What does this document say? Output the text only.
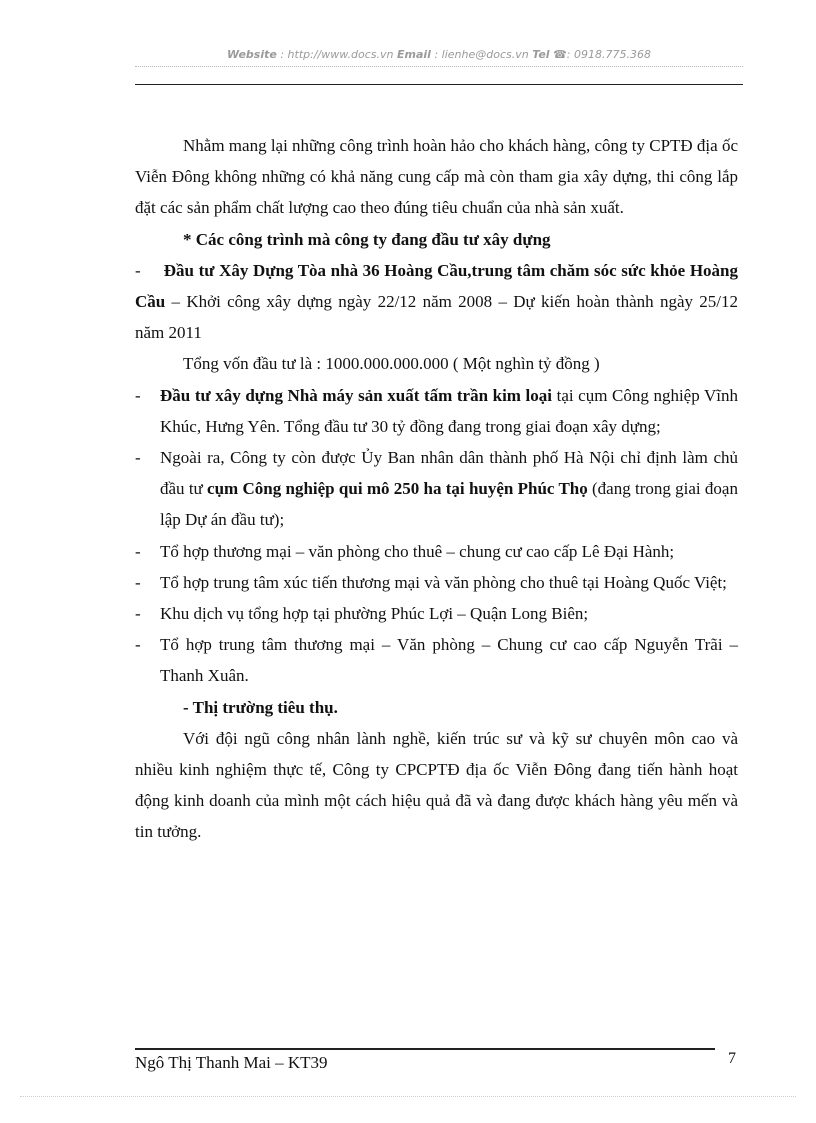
Website : http://www.docs.vn Email : lienhe@docs.vn Tel ☎: 0918.775.368

Nhằm mang lại những công trình hoàn hảo cho khách hàng, công ty CPTĐ địa ốc Viễn Đông không những có khả năng cung cấp mà còn tham gia xây dựng, thi công lắp đặt các sản phẩm chất lượng cao theo đúng tiêu chuẩn của nhà sản xuất.

* Các công trình mà công ty đang đầu tư xây dựng

- Đầu tư Xây Dựng Tòa nhà 36 Hoàng Cầu,trung tâm chăm sóc sức khỏe Hoàng Cầu – Khởi công xây dựng ngày 22/12 năm 2008 – Dự kiến hoàn thành ngày 25/12 năm 2011

Tổng vốn đầu tư là : 1000.000.000.000 ( Một nghìn tỷ đồng )

- Đầu tư xây dựng Nhà máy sản xuất tấm trần kim loại tại cụm Công nghiệp Vĩnh Khúc, Hưng Yên. Tổng đầu tư 30 tỷ đồng đang trong giai đoạn xây dựng;
- Ngoài ra, Công ty còn được Ủy Ban nhân dân thành phố Hà Nội chỉ định làm chủ đầu tư cụm Công nghiệp qui mô 250 ha tại huyện Phúc Thọ (đang trong giai đoạn lập Dự án đầu tư);
- Tổ hợp thương mại – văn phòng cho thuê – chung cư cao cấp Lê Đại Hành;
- Tổ hợp trung tâm xúc tiến thương mại và văn phòng cho thuê tại Hoàng Quốc Việt;
- Khu dịch vụ tổng hợp tại phường Phúc Lợi – Quận Long Biên;
- Tổ hợp trung tâm thương mại – Văn phòng – Chung cư cao cấp Nguyễn Trãi – Thanh Xuân.

- Thị trường tiêu thụ.

Với đội ngũ công nhân lành nghề, kiến trúc sư và kỹ sư chuyên môn cao và nhiều kinh nghiệm thực tế, Công ty CPCPTĐ địa ốc Viễn Đông đang tiến hành hoạt động kinh doanh của mình một cách hiệu quả đã và đang được khách hàng yêu mến và tin tưởng.

Ngô Thị Thanh Mai – KT39	7
